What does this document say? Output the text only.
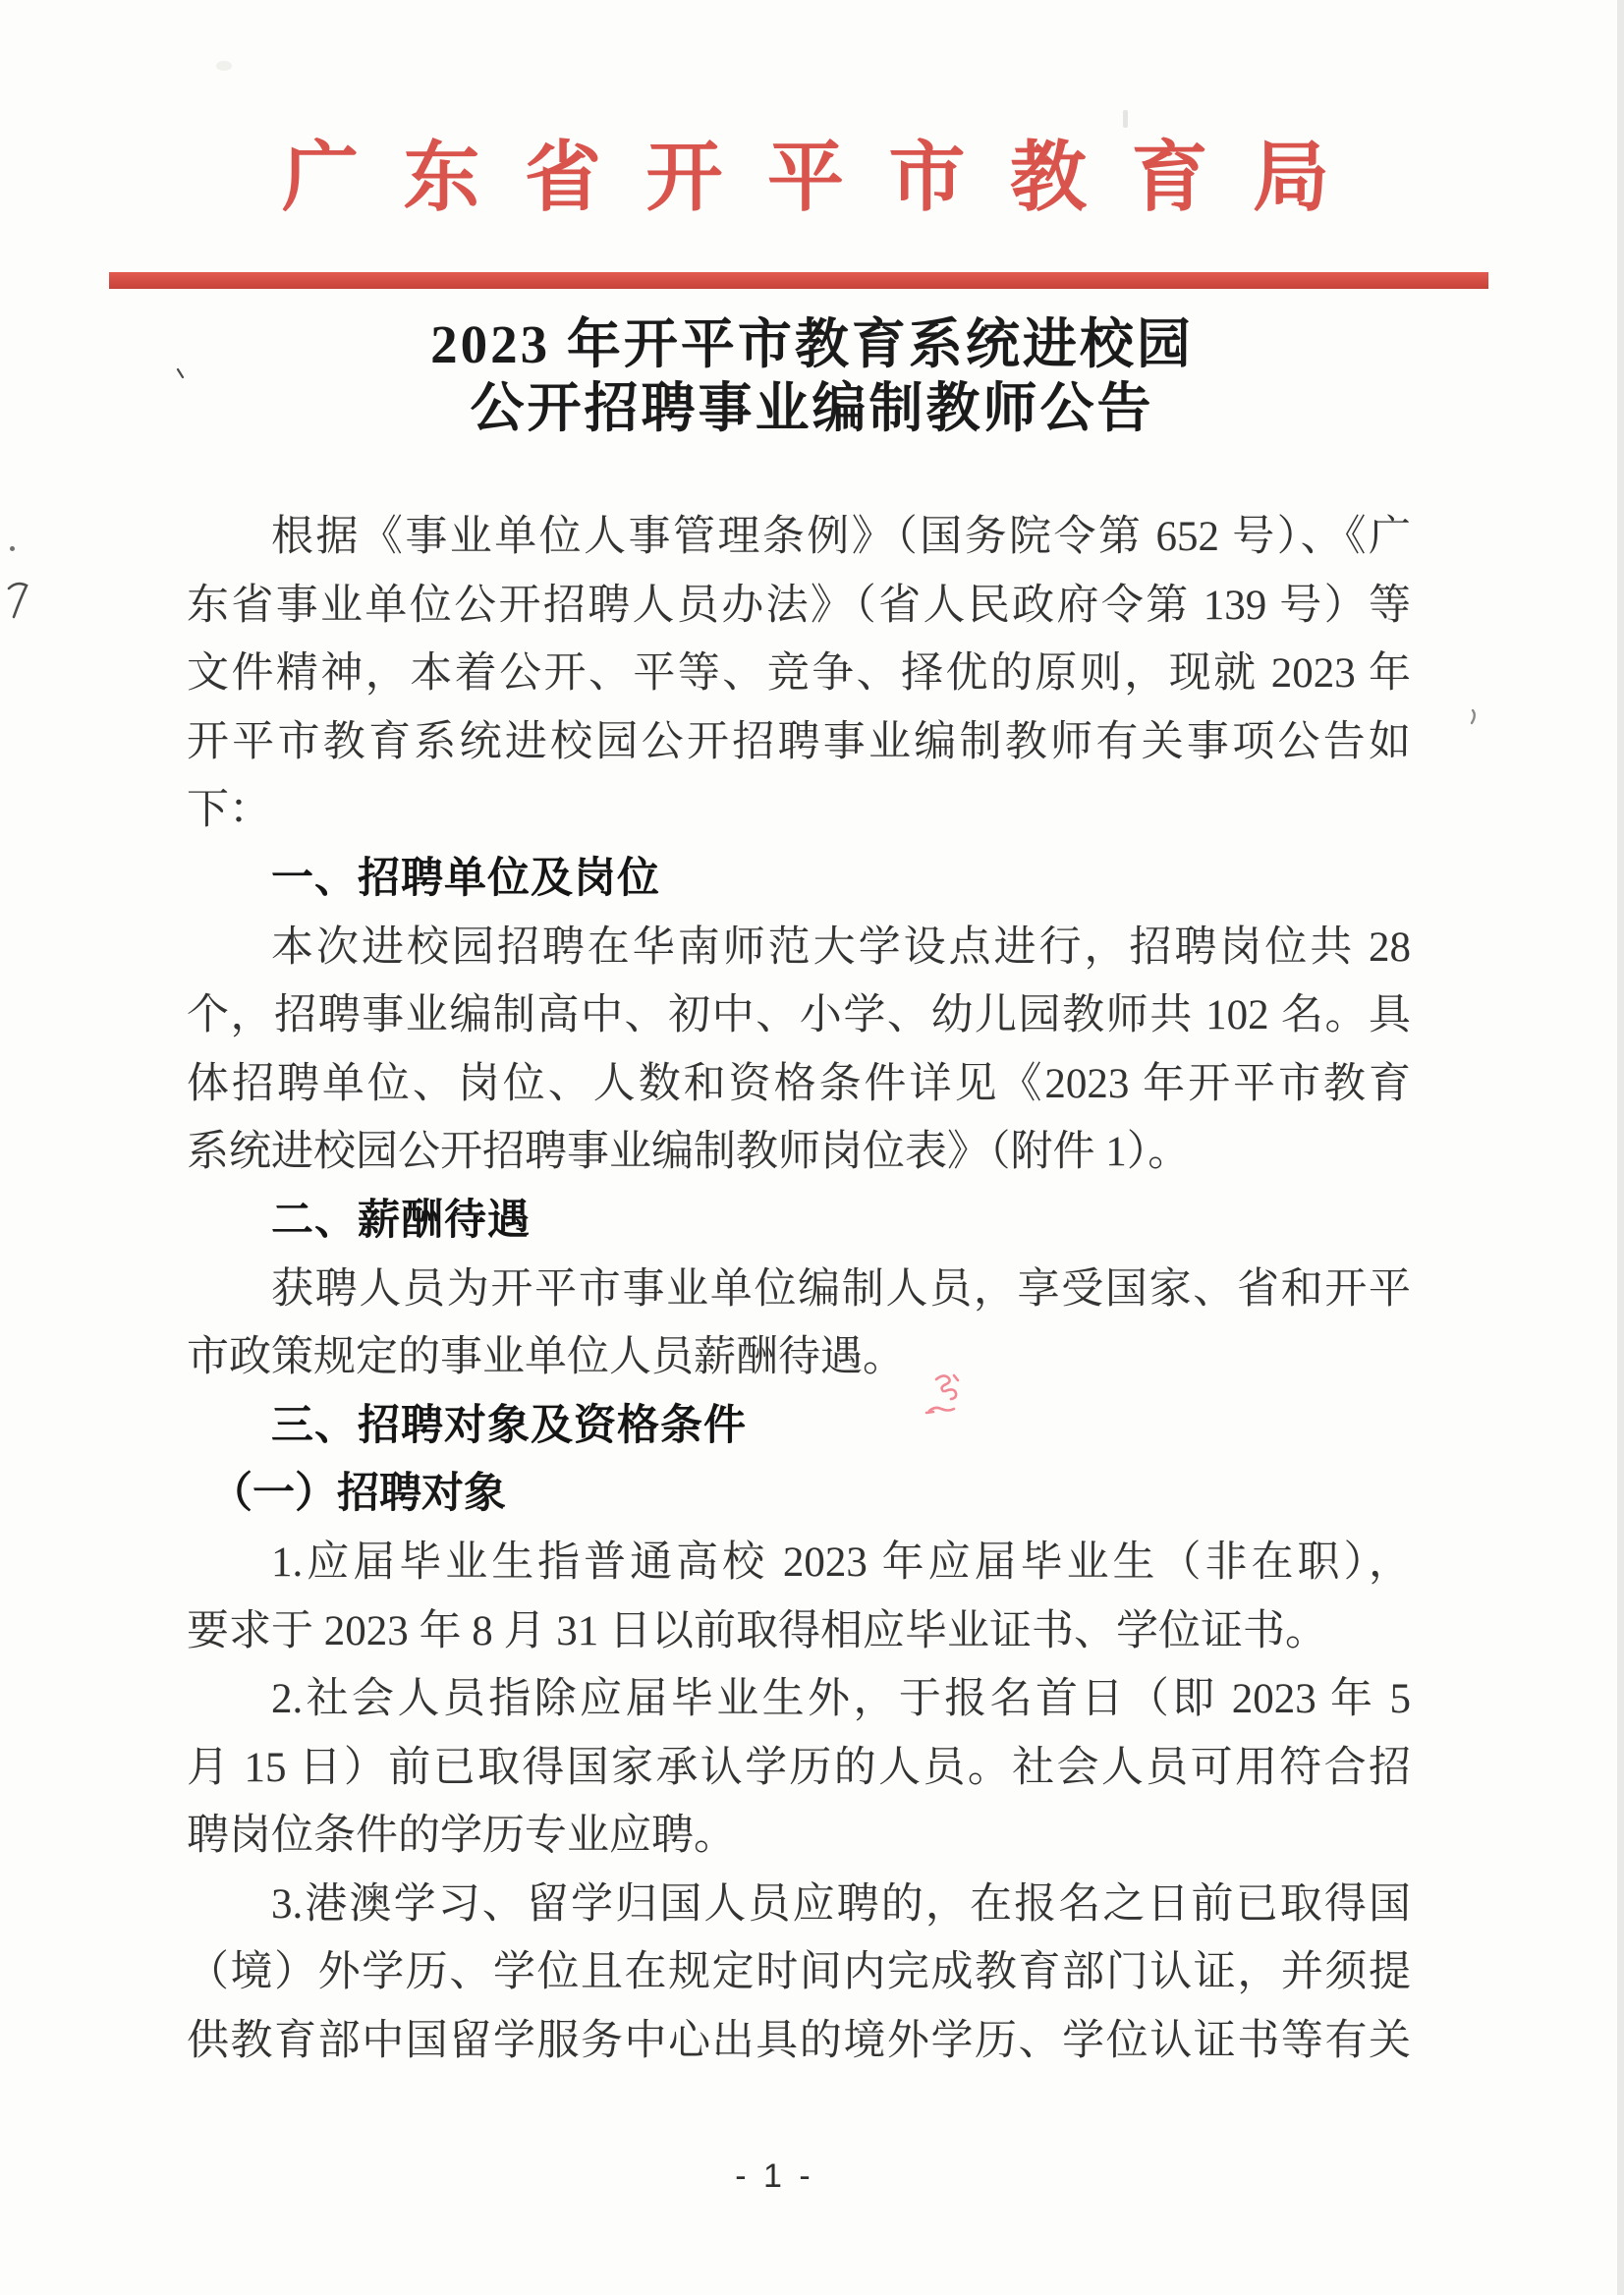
广 东 省 开 平 市 教 育 局
2023 年开平市教育系统进校园
公开招聘事业编制教师公告
根据《事业单位人事管理条例》（国务院令第 652 号）、《广
东省事业单位公开招聘人员办法》（省人民政府令第 139 号）等
文件精神，本着公开、平等、竞争、择优的原则，现就 2023 年
开平市教育系统进校园公开招聘事业编制教师有关事项公告如
下：
一、招聘单位及岗位
本次进校园招聘在华南师范大学设点进行，招聘岗位共 28
个，招聘事业编制高中、初中、小学、幼儿园教师共 102 名。具
体招聘单位、岗位、人数和资格条件详见《2023 年开平市教育
系统进校园公开招聘事业编制教师岗位表》（附件 1）。
二、薪酬待遇
获聘人员为开平市事业单位编制人员，享受国家、省和开平
市政策规定的事业单位人员薪酬待遇。
三、招聘对象及资格条件
（一）招聘对象
1.应届毕业生指普通高校 2023 年应届毕业生（非在职），
要求于 2023 年 8 月 31 日以前取得相应毕业证书、学位证书。
2.社会人员指除应届毕业生外，于报名首日（即 2023 年 5
月 15 日）前已取得国家承认学历的人员。社会人员可用符合招
聘岗位条件的学历专业应聘。
3.港澳学习、留学归国人员应聘的，在报名之日前已取得国
（境）外学历、学位且在规定时间内完成教育部门认证，并须提
供教育部中国留学服务中心出具的境外学历、学位认证书等有关
- 1 -
